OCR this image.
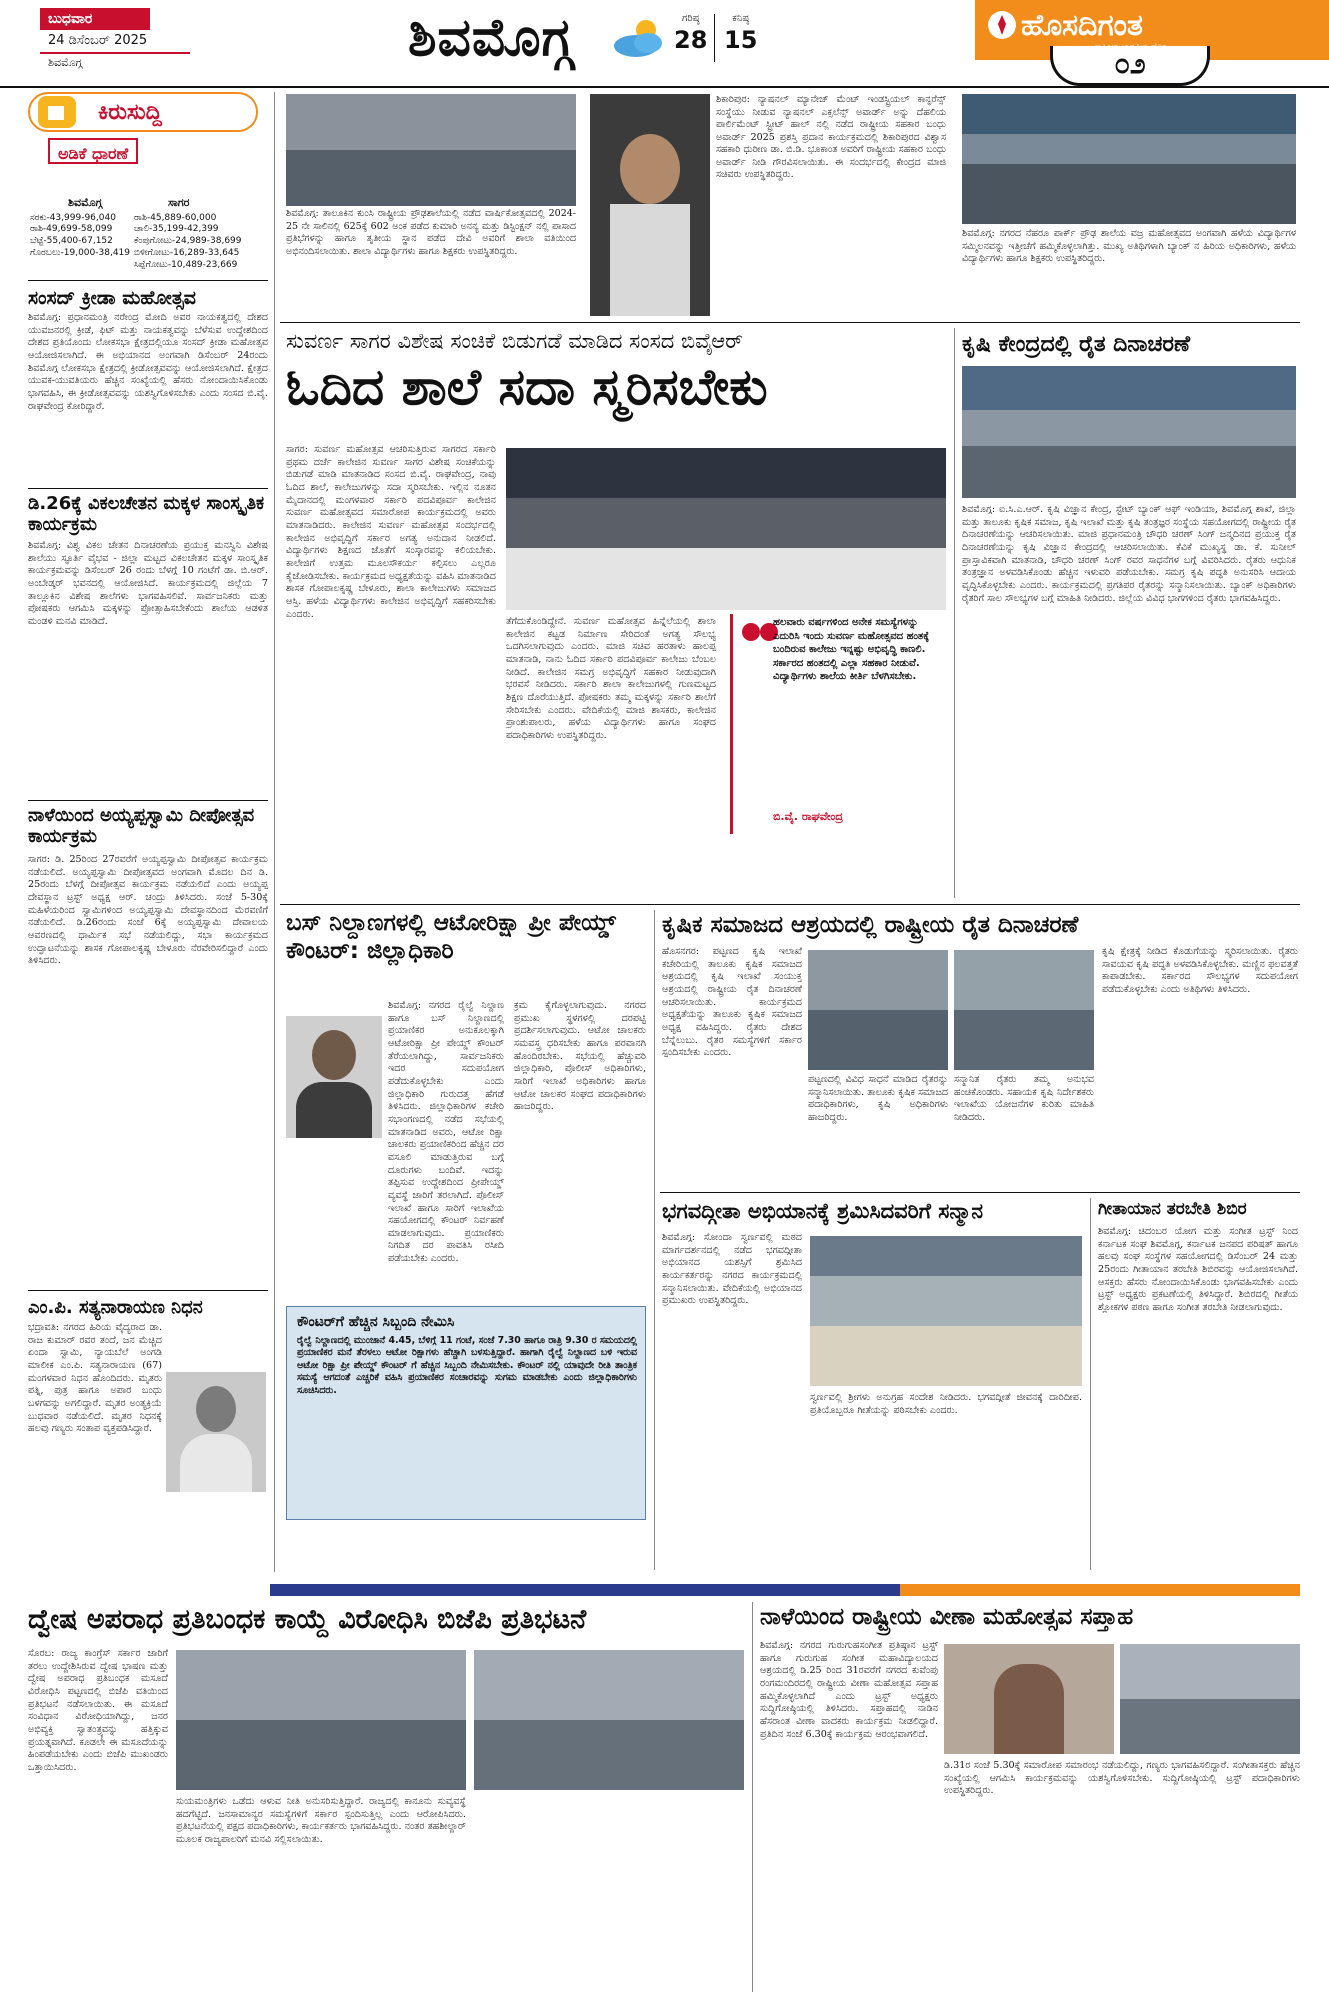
ಬುಧವಾರ
24 ಡಿಸೆಂಬರ್ 2025
ಶಿವಮೊಗ್ಗ	ಶಿವಮೊಗ್ಗ	ಗರಿಷ್ಠ
28
ಕನಿಷ್ಠ
15	ಹೊಸದಿಗಂತ
೦೨
ಕಿರುಸುದ್ದಿ
ಅಡಿಕೆ ಧಾರಣೆ
ಶಿವಮೊಗ್ಗ	ಸಾಗರ
ಸರಕು-43,999-96,040	ರಾಶಿ-45,889-60,000
ರಾಶಿ-49,699-58,099	ಚಾಲಿ-35,199-42,399
ಬೆಟ್ಟೆ-55,400-67,152	ಕೆಂಪುಗೋಟು-24,989-38,699
ಗೊರಬಲು-19,000-38,419	ಬಿಳೀಗೋಟು-16,289-33,645
	ಸಿಪ್ಪೆಗೋಟು-10,489-23,669
ಸಂಸದ್ ಕ್ರೀಡಾ ಮಹೋತ್ಸವ
ಶಿವಮೊಗ್ಗ: ಪ್ರಧಾನಮಂತ್ರಿ ನರೇಂದ್ರ ಮೋದಿ ಅವರ ನಾಯಕತ್ವದಲ್ಲಿ ದೇಶದ ಯುವಜನರಲ್ಲಿ ಕ್ರೀಡೆ, ಫಿಟ್ ಮತ್ತು ನಾಯಕತ್ವವನ್ನು ಬೆಳೆಸುವ ಉದ್ದೇಶದಿಂದ ದೇಶದ ಪ್ರತಿಯೊಂದು ಲೋಕಸಭಾ ಕ್ಷೇತ್ರದಲ್ಲಿಯೂ ಸಂಸದ್ ಕ್ರೀಡಾ ಮಹೋತ್ಸವ ಆಯೋಜಿಸಲಾಗಿದೆ. ಈ ಅಭಿಯಾನದ ಅಂಗವಾಗಿ ಡಿಸೆಂಬರ್ 24ರಂದು ಶಿವಮೊಗ್ಗ ಲೋಕಸಭಾ ಕ್ಷೇತ್ರದಲ್ಲಿ ಕ್ರೀಡೋತ್ಸವವನ್ನು ಆಯೋಜಿಸಲಾಗಿದೆ. ಕ್ಷೇತ್ರದ ಯುವಕ-ಯುವತಿಯರು ಹೆಚ್ಚಿನ ಸಂಖ್ಯೆಯಲ್ಲಿ ಹೆಸರು ನೋಂದಾಯಿಸಿಕೊಂಡು ಭಾಗವಹಿಸಿ, ಈ ಕ್ರೀಡೋತ್ಸವವನ್ನು ಯಶಸ್ವಿಗೊಳಿಸಬೇಕು ಎಂದು ಸಂಸದ ಬಿ.ವೈ. ರಾಘವೇಂದ್ರ ಕೋರಿದ್ದಾರೆ.
ಡಿ.26ಕ್ಕೆ ವಿಕಲಚೇತನ ಮಕ್ಕಳ ಸಾಂಸ್ಕೃತಿಕ ಕಾರ್ಯಕ್ರಮ
ಶಿವಮೊಗ್ಗ: ವಿಶ್ವ ವಿಕಲ ಚೇತನ ದಿನಾಚರಣೆಯ ಪ್ರಯುಕ್ತ ಮನಸ್ವಿನಿ ವಿಶೇಷ ಶಾಲೆಯು ಸ್ಫೂರ್ತಿ ವೈಭವ - ಜಿಲ್ಲಾ ಮಟ್ಟದ ವಿಕಲಚೇತನ ಮಕ್ಕಳ ಸಾಂಸ್ಕೃತಿಕ ಕಾರ್ಯಕ್ರಮವನ್ನು ಡಿಸೆಂಬರ್ 26 ರಂದು ಬೆಳಗ್ಗೆ 10 ಗಂಟೆಗೆ ಡಾ. ಬಿ.ಆರ್. ಅಂಬೇಡ್ಕರ್ ಭವನದಲ್ಲಿ ಆಯೋಜಿಸಿದೆ. ಕಾರ್ಯಕ್ರಮದಲ್ಲಿ ಜಿಲ್ಲೆಯ 7 ತಾಲ್ಲೂಕಿನ ವಿಶೇಷ ಶಾಲೆಗಳು ಭಾಗವಹಿಸಲಿವೆ. ಸಾರ್ವಜನಿಕರು ಮತ್ತು ಪೋಷಕರು ಆಗಮಿಸಿ ಮಕ್ಕಳನ್ನು ಪ್ರೋತ್ಸಾಹಿಸಬೇಕೆಂದು ಶಾಲೆಯ ಆಡಳಿತ ಮಂಡಳಿ ಮನವಿ ಮಾಡಿದೆ.
ನಾಳೆಯಿಂದ ಅಯ್ಯಪ್ಪಸ್ವಾಮಿ ದೀಪೋತ್ಸವ ಕಾರ್ಯಕ್ರಮ
ಸಾಗರ: ಡಿ. 25ರಿಂದ 27ರವರೆಗೆ ಅಯ್ಯಪ್ಪಸ್ವಾಮಿ ದೀಪೋತ್ಸವ ಕಾರ್ಯಕ್ರಮ ನಡೆಯಲಿದೆ. ಅಯ್ಯಪ್ಪಸ್ವಾಮಿ ದೀಪೋತ್ಸವದ ಅಂಗವಾಗಿ ಮೊದಲ ದಿನ ಡಿ. 25ರಂದು ಬೆಳಗ್ಗೆ ದೀಪೋತ್ಸವ ಕಾರ್ಯಕ್ರಮ ನಡೆಯಲಿದೆ ಎಂದು ಅಯ್ಯಪ್ಪ ದೇವಸ್ಥಾನ ಟ್ರಸ್ಟ್ ಅಧ್ಯಕ್ಷ ಆರ್. ಚಂದ್ರು ತಿಳಿಸಿದರು. ಸಂಜೆ 5-30ಕ್ಕೆ ಮಹಿಳೆಯರಿಂದ ಸ್ವಾಮಿಗಳಿಂದ ಅಯ್ಯಪ್ಪಸ್ವಾಮಿ ದೇವಸ್ಥಾನದಿಂದ ಮೆರವಣಿಗೆ ನಡೆಯಲಿದೆ. ಡಿ.26ರಂದು ಸಂಜೆ 6ಕ್ಕೆ ಅಯ್ಯಪ್ಪಸ್ವಾಮಿ ದೇವಾಲಯ ಆವರಣದಲ್ಲಿ ಧಾರ್ಮಿಕ ಸಭೆ ನಡೆಯಲಿದ್ದು, ಸಭಾ ಕಾರ್ಯಕ್ರಮದ ಉದ್ಘಾಟನೆಯನ್ನು ಶಾಸಕ ಗೋಪಾಲಕೃಷ್ಣ ಬೇಳೂರು ನೆರವೇರಿಸಲಿದ್ದಾರೆ ಎಂದು ತಿಳಿಸಿದರು.
ಎಂ.ಪಿ. ಸತ್ಯನಾರಾಯಣ ನಿಧನ
ಭದ್ರಾವತಿ: ನಗರದ ಹಿರಿಯ ವೈದ್ಯರಾದ ಡಾ. ರಾಜ ಕುಮಾರ್ ರವರ ತಂದೆ, ಜನ ಮೆಚ್ಚಿದ ಏಂದಾ ಸ್ವಾಮಿ, ನ್ಯಾಯಬೆಲೆ ಅಂಗಡಿ ಮಾಲೀಕ ಎಂ.ಪಿ. ಸತ್ಯನಾರಾಯಣ (67) ಮಂಗಳವಾರ ನಿಧನ ಹೊಂದಿದರು. ಮೃತರು ಪತ್ನಿ, ಪುತ್ರ ಹಾಗೂ ಅಪಾರ ಬಂಧು ಬಳಗವನ್ನು ಅಗಲಿದ್ದಾರೆ. ಮೃತರ ಅಂತ್ಯಕ್ರಿಯೆ ಬುಧವಾರ ನಡೆಯಲಿದೆ. ಮೃತರ ನಿಧನಕ್ಕೆ ಹಲವು ಗಣ್ಯರು ಸಂತಾಪ ವ್ಯಕ್ತಪಡಿಸಿದ್ದಾರೆ.
ಶಿವಮೊಗ್ಗ: ತಾಲೂಕಿನ ಕುಂಸಿ ರಾಷ್ಟ್ರೀಯ ಪ್ರೌಢಶಾಲೆಯಲ್ಲಿ ನಡೆದ ವಾರ್ಷಿಕೋತ್ಸವದಲ್ಲಿ 2024-25 ನೇ ಸಾಲಿನಲ್ಲಿ 625ಕ್ಕೆ 602 ಅಂಕ ಪಡೆದ ಕುಮಾರಿ ಅನನ್ಯ ಮತ್ತು ಡಿಸ್ಟಿಂಕ್ಷನ್ ನಲ್ಲಿ ಪಾಸಾದ ಪ್ರತಿಭೆಗಳನ್ನು ಹಾಗೂ ತೃತೀಯ ಸ್ಥಾನ ಪಡೆದ ದೇವಿ ಅವರಿಗೆ ಶಾಲಾ ವತಿಯಿಂದ ಅಭಿನಂದಿಸಲಾಯಿತು. ಶಾಲಾ ವಿದ್ಯಾರ್ಥಿಗಳು ಹಾಗೂ ಶಿಕ್ಷಕರು ಉಪಸ್ಥಿತರಿದ್ದರು.
ಶಿಕಾರಿಪುರ: ನ್ಯಾಷನಲ್ ಮ್ಯಾನೇಜ್ ಮೆಂಟ್ ಇಂಡಸ್ಟ್ರಿಯಲ್ ಕಾನ್ಫರೆನ್ಸ್ ಸಂಸ್ಥೆಯು ನೀಡುವ ನ್ಯಾಷನಲ್ ಎಕ್ಸಲೆನ್ಸ್ ಅವಾರ್ಡ್ ಅನ್ನು ದೆಹಲಿಯ ಪಾರ್ಲಿಮೆಂಟ್ ಸ್ಟ್ರೀಟ್ ಹಾಲ್ ನಲ್ಲಿ ನಡೆದ ರಾಷ್ಟ್ರೀಯ ಸಹಕಾರ ಬಂಧು ಅವಾರ್ಡ್ 2025 ಪ್ರಶಸ್ತಿ ಪ್ರದಾನ ಕಾರ್ಯಕ್ರಮದಲ್ಲಿ ಶಿಕಾರಿಪುರದ ವಿಶ್ವಾಸ ಸಹಕಾರಿ ಧುರೀಣ ಡಾ. ಬಿ.ಡಿ. ಭೂಕಾಂತ ಅವರಿಗೆ ರಾಷ್ಟ್ರೀಯ ಸಹಕಾರ ಬಂಧು ಅವಾರ್ಡ್ ನೀಡಿ ಗೌರವಿಸಲಾಯಿತು. ಈ ಸಂದರ್ಭದಲ್ಲಿ ಕೇಂದ್ರದ ಮಾಜಿ ಸಚಿವರು ಉಪಸ್ಥಿತರಿದ್ದರು.
ಶಿವಮೊಗ್ಗ: ನಗರದ ನೆಹರೂ ಪಾರ್ಕ್ ಪ್ರೌಢ ಶಾಲೆಯ ವಜ್ರ ಮಹೋತ್ಸವದ ಅಂಗವಾಗಿ ಹಳೆಯ ವಿದ್ಯಾರ್ಥಿಗಳ ಸಮ್ಮಿಲನವನ್ನು ಇತ್ತೀಚೆಗೆ ಹಮ್ಮಿಕೊಳ್ಳಲಾಗಿತ್ತು. ಮುಖ್ಯ ಅತಿಥಿಗಳಾಗಿ ಬ್ಯಾಂಕ್ ನ ಹಿರಿಯ ಅಧಿಕಾರಿಗಳು, ಹಳೆಯ ವಿದ್ಯಾರ್ಥಿಗಳು ಹಾಗೂ ಶಿಕ್ಷಕರು ಉಪಸ್ಥಿತರಿದ್ದರು.
ಸುವರ್ಣ ಸಾಗರ ವಿಶೇಷ ಸಂಚಿಕೆ ಬಿಡುಗಡೆ ಮಾಡಿದ ಸಂಸದ ಬಿವೈಆರ್
ಓದಿದ ಶಾಲೆ ಸದಾ ಸ್ಮರಿಸಬೇಕು
ಸಾಗರ: ಸುವರ್ಣ ಮಹೋತ್ಸವ ಆಚರಿಸುತ್ತಿರುವ ಸಾಗರದ ಸರ್ಕಾರಿ ಪ್ರಥಮ ದರ್ಜೆ ಕಾಲೇಜಿನ ಸುವರ್ಣ ಸಾಗರ ವಿಶೇಷ ಸಂಚಿಕೆಯನ್ನು ಬಿಡುಗಡೆ ಮಾಡಿ ಮಾತನಾಡಿದ ಸಂಸದ ಬಿ.ವೈ. ರಾಘವೇಂದ್ರ, ನಾವು ಓದಿದ ಶಾಲೆ, ಕಾಲೇಜುಗಳನ್ನು ಸದಾ ಸ್ಮರಿಸಬೇಕು. ಇಲ್ಲಿನ ನೂತನ ಮೈದಾನದಲ್ಲಿ ಮಂಗಳವಾರ ಸರ್ಕಾರಿ ಪದವಿಪೂರ್ವ ಕಾಲೇಜಿನ ಸುವರ್ಣ ಮಹೋತ್ಸವದ ಸಮಾರೋಪ ಕಾರ್ಯಕ್ರಮದಲ್ಲಿ ಅವರು ಮಾತನಾಡಿದರು. ಕಾಲೇಜಿನ ಸುವರ್ಣ ಮಹೋತ್ಸವ ಸಂದರ್ಭದಲ್ಲಿ ಕಾಲೇಜಿನ ಅಭಿವೃದ್ಧಿಗೆ ಸರ್ಕಾರ ಅಗತ್ಯ ಅನುದಾನ ನೀಡಲಿದೆ. ವಿದ್ಯಾರ್ಥಿಗಳು ಶಿಕ್ಷಣದ ಜೊತೆಗೆ ಸಂಸ್ಕಾರವನ್ನು ಕಲಿಯಬೇಕು. ಕಾಲೇಜಿಗೆ ಉತ್ತಮ ಮೂಲಸೌಕರ್ಯ ಕಲ್ಪಿಸಲು ಎಲ್ಲರೂ ಕೈಜೋಡಿಸಬೇಕು. ಕಾರ್ಯಕ್ರಮದ ಅಧ್ಯಕ್ಷತೆಯನ್ನು ವಹಿಸಿ ಮಾತನಾಡಿದ ಶಾಸಕ ಗೋಪಾಲಕೃಷ್ಣ ಬೇಳೂರು, ಶಾಲಾ ಕಾಲೇಜುಗಳು ಸಮಾಜದ ಆಸ್ತಿ. ಹಳೆಯ ವಿದ್ಯಾರ್ಥಿಗಳು ಕಾಲೇಜಿನ ಅಭಿವೃದ್ಧಿಗೆ ಸಹಕರಿಸಬೇಕು ಎಂದರು.
ತೆಗೆದುಕೊಂಡಿದ್ದೇನೆ. ಸುವರ್ಣ ಮಹೋತ್ಸವ ಹಿನ್ನೆಲೆಯಲ್ಲಿ ಶಾಲಾ ಕಾಲೇಜಿನ ಕಟ್ಟಡ ನಿರ್ಮಾಣ ಸೇರಿದಂತೆ ಅಗತ್ಯ ಸೌಲಭ್ಯ ಒದಗಿಸಲಾಗುವುದು ಎಂದರು. ಮಾಜಿ ಸಚಿವ ಹರತಾಳು ಹಾಲಪ್ಪ ಮಾತನಾಡಿ, ನಾನು ಓದಿದ ಸರ್ಕಾರಿ ಪದವಿಪೂರ್ವ ಕಾಲೇಜು ಬೆಂಬಲ ನೀಡಿದೆ. ಕಾಲೇಜಿನ ಸಮಗ್ರ ಅಭಿವೃದ್ಧಿಗೆ ಸಹಕಾರ ನೀಡುವುದಾಗಿ ಭರವಸೆ ನೀಡಿದರು. ಸರ್ಕಾರಿ ಶಾಲಾ ಕಾಲೇಜುಗಳಲ್ಲಿ ಗುಣಮಟ್ಟದ ಶಿಕ್ಷಣ ದೊರೆಯುತ್ತಿದೆ. ಪೋಷಕರು ತಮ್ಮ ಮಕ್ಕಳನ್ನು ಸರ್ಕಾರಿ ಶಾಲೆಗೆ ಸೇರಿಸಬೇಕು ಎಂದರು. ವೇದಿಕೆಯಲ್ಲಿ ಮಾಜಿ ಶಾಸಕರು, ಕಾಲೇಜಿನ ಪ್ರಾಂಶುಪಾಲರು, ಹಳೆಯ ವಿದ್ಯಾರ್ಥಿಗಳು ಹಾಗೂ ಸಂಘದ ಪದಾಧಿಕಾರಿಗಳು ಉಪಸ್ಥಿತರಿದ್ದರು.
ಹಲವಾರು ವರ್ಷಗಳಿಂದ ಅನೇಕ ಸಮಸ್ಯೆಗಳನ್ನು ಎದುರಿಸಿ ಇಂದು ಸುವರ್ಣ ಮಹೋತ್ಸವದ ಹಂತಕ್ಕೆ ಬಂದಿರುವ ಕಾಲೇಜು ಇನ್ನಷ್ಟು ಅಭಿವೃದ್ಧಿ ಕಾಣಲಿ. ಸರ್ಕಾರದ ಹಂತದಲ್ಲಿ ಎಲ್ಲಾ ಸಹಕಾರ ನೀಡುವೆ. ವಿದ್ಯಾರ್ಥಿಗಳು ಶಾಲೆಯ ಕೀರ್ತಿ ಬೆಳಗಿಸಬೇಕು.
ಬಿ.ವೈ. ರಾಘವೇಂದ್ರ
ಕೃಷಿ ಕೇಂದ್ರದಲ್ಲಿ ರೈತ ದಿನಾಚರಣೆ
ಶಿವಮೊಗ್ಗ: ಐ.ಸಿ.ಎ.ಆರ್. ಕೃಷಿ ವಿಜ್ಞಾನ ಕೇಂದ್ರ, ಸ್ಟೇಟ್ ಬ್ಯಾಂಕ್ ಆಫ್ ಇಂಡಿಯಾ, ಶಿವಮೊಗ್ಗ ಶಾಖೆ, ಜಿಲ್ಲಾ ಮತ್ತು ತಾಲೂಕು ಕೃಷಿಕ ಸಮಾಜ, ಕೃಷಿ ಇಲಾಖೆ ಮತ್ತು ಕೃಷಿ ತಂತ್ರಜ್ಞರ ಸಂಸ್ಥೆಯ ಸಹಯೋಗದಲ್ಲಿ ರಾಷ್ಟ್ರೀಯ ರೈತ ದಿನಾಚರಣೆಯನ್ನು ಆಚರಿಸಲಾಯಿತು. ಮಾಜಿ ಪ್ರಧಾನಮಂತ್ರಿ ಚೌಧರಿ ಚರಣ್ ಸಿಂಗ್ ಜನ್ಮದಿನದ ಪ್ರಯುಕ್ತ ರೈತ ದಿನಾಚರಣೆಯನ್ನು ಕೃಷಿ ವಿಜ್ಞಾನ ಕೇಂದ್ರದಲ್ಲಿ ಆಚರಿಸಲಾಯಿತು. ಕೆವಿಕೆ ಮುಖ್ಯಸ್ಥ ಡಾ. ಕೆ. ಸುನೀಲ್ ಪ್ರಾಸ್ತಾವಿಕವಾಗಿ ಮಾತನಾಡಿ, ಚೌಧರಿ ಚರಣ್ ಸಿಂಗ್ ರವರ ಸಾಧನೆಗಳ ಬಗ್ಗೆ ವಿವರಿಸಿದರು. ರೈತರು ಆಧುನಿಕ ತಂತ್ರಜ್ಞಾನ ಅಳವಡಿಸಿಕೊಂಡು ಹೆಚ್ಚಿನ ಇಳುವರಿ ಪಡೆಯಬೇಕು. ಸಮಗ್ರ ಕೃಷಿ ಪದ್ಧತಿ ಅನುಸರಿಸಿ ಆದಾಯ ವೃದ್ಧಿಸಿಕೊಳ್ಳಬೇಕು ಎಂದರು. ಕಾರ್ಯಕ್ರಮದಲ್ಲಿ ಪ್ರಗತಿಪರ ರೈತರನ್ನು ಸನ್ಮಾನಿಸಲಾಯಿತು. ಬ್ಯಾಂಕ್ ಅಧಿಕಾರಿಗಳು ರೈತರಿಗೆ ಸಾಲ ಸೌಲಭ್ಯಗಳ ಬಗ್ಗೆ ಮಾಹಿತಿ ನೀಡಿದರು. ಜಿಲ್ಲೆಯ ವಿವಿಧ ಭಾಗಗಳಿಂದ ರೈತರು ಭಾಗವಹಿಸಿದ್ದರು.
ಬಸ್ ನಿಲ್ದಾಣಗಳಲ್ಲಿ ಆಟೋರಿಕ್ಷಾ ಪ್ರೀ ಪೇಯ್ಡ್ ಕೌಂಟರ್: ಜಿಲ್ಲಾಧಿಕಾರಿ
ಶಿವಮೊಗ್ಗ: ನಗರದ ರೈಲ್ವೆ ನಿಲ್ದಾಣ ಹಾಗೂ ಬಸ್ ನಿಲ್ದಾಣದಲ್ಲಿ ಪ್ರಯಾಣಿಕರ ಅನುಕೂಲಕ್ಕಾಗಿ ಆಟೋರಿಕ್ಷಾ ಪ್ರೀ ಪೇಯ್ಡ್ ಕೌಂಟರ್ ತೆರೆಯಲಾಗಿದ್ದು, ಸಾರ್ವಜನಿಕರು ಇದರ ಸದುಪಯೋಗ ಪಡೆದುಕೊಳ್ಳಬೇಕು ಎಂದು ಜಿಲ್ಲಾಧಿಕಾರಿ ಗುರುದತ್ತ ಹೆಗಡೆ ತಿಳಿಸಿದರು. ಜಿಲ್ಲಾಧಿಕಾರಿಗಳ ಕಚೇರಿ ಸಭಾಂಗಣದಲ್ಲಿ ನಡೆದ ಸಭೆಯಲ್ಲಿ ಮಾತನಾಡಿದ ಅವರು, ಆಟೋ ರಿಕ್ಷಾ ಚಾಲಕರು ಪ್ರಯಾಣಿಕರಿಂದ ಹೆಚ್ಚಿನ ದರ ವಸೂಲಿ ಮಾಡುತ್ತಿರುವ ಬಗ್ಗೆ ದೂರುಗಳು ಬಂದಿವೆ. ಇದನ್ನು ತಪ್ಪಿಸುವ ಉದ್ದೇಶದಿಂದ ಪ್ರೀಪೇಯ್ಡ್ ವ್ಯವಸ್ಥೆ ಜಾರಿಗೆ ತರಲಾಗಿದೆ. ಪೊಲೀಸ್ ಇಲಾಖೆ ಹಾಗೂ ಸಾರಿಗೆ ಇಲಾಖೆಯ ಸಹಯೋಗದಲ್ಲಿ ಕೌಂಟರ್ ನಿರ್ವಹಣೆ ಮಾಡಲಾಗುವುದು. ಪ್ರಯಾಣಿಕರು ನಿಗದಿತ ದರ ಪಾವತಿಸಿ ರಸೀದಿ ಪಡೆಯಬೇಕು ಎಂದರು.
ಕ್ರಮ ಕೈಗೊಳ್ಳಲಾಗುವುದು. ನಗರದ ಪ್ರಮುಖ ಸ್ಥಳಗಳಲ್ಲಿ ದರಪಟ್ಟಿ ಪ್ರದರ್ಶಿಸಲಾಗುವುದು. ಆಟೋ ಚಾಲಕರು ಸಮವಸ್ತ್ರ ಧರಿಸಬೇಕು ಹಾಗೂ ಪರವಾನಗಿ ಹೊಂದಿರಬೇಕು. ಸಭೆಯಲ್ಲಿ ಹೆಚ್ಚುವರಿ ಜಿಲ್ಲಾಧಿಕಾರಿ, ಪೊಲೀಸ್ ಅಧಿಕಾರಿಗಳು, ಸಾರಿಗೆ ಇಲಾಖೆ ಅಧಿಕಾರಿಗಳು ಹಾಗೂ ಆಟೋ ಚಾಲಕರ ಸಂಘದ ಪದಾಧಿಕಾರಿಗಳು ಹಾಜರಿದ್ದರು.
ಕೌಂಟರ್‌ಗೆ ಹೆಚ್ಚಿನ ಸಿಬ್ಬಂದಿ ನೇಮಿಸಿ
ರೈಲ್ವೆ ನಿಲ್ದಾಣದಲ್ಲಿ ಮುಂಜಾನೆ 4.45, ಬೆಳಿಗ್ಗೆ 11 ಗಂಟೆ, ಸಂಜೆ 7.30 ಹಾಗೂ ರಾತ್ರಿ 9.30 ರ ಸಮಯದಲ್ಲಿ ಪ್ರಯಾಣಿಕರ ಮನೆ ತೆರಳಲು ಆಟೋ ರಿಕ್ಷಾಗಳು ಹೆಚ್ಚಾಗಿ ಬಳಸುತ್ತಿದ್ದಾರೆ. ಹಾಗಾಗಿ ರೈಲ್ವೆ ನಿಲ್ದಾಣದ ಬಳಿ ಇರುವ ಆಟೋ ರಿಕ್ಷಾ ಪ್ರೀ ಪೇಯ್ಡ್ ಕೌಂಟರ್ ಗೆ ಹೆಚ್ಚಿನ ಸಿಬ್ಬಂದಿ ನೇಮಿಸಬೇಕು. ಕೌಂಟರ್ ನಲ್ಲಿ ಯಾವುದೇ ರೀತಿ ತಾಂತ್ರಿಕ ಸಮಸ್ಯೆ ಆಗದಂತೆ ಎಚ್ಚರಿಕೆ ವಹಿಸಿ ಪ್ರಯಾಣಿಕರ ಸಂಚಾರವನ್ನು ಸುಗಮ ಮಾಡಬೇಕು ಎಂದು ಜಿಲ್ಲಾಧಿಕಾರಿಗಳು ಸೂಚಿಸಿದರು.
ಕೃಷಿಕ ಸಮಾಜದ ಆಶ್ರಯದಲ್ಲಿ ರಾಷ್ಟ್ರೀಯ ರೈತ ದಿನಾಚರಣೆ
ಹೊಸನಗರ: ಪಟ್ಟಣದ ಕೃಷಿ ಇಲಾಖೆ ಕಚೇರಿಯಲ್ಲಿ ತಾಲೂಕು ಕೃಷಿಕ ಸಮಾಜದ ಆಶ್ರಯದಲ್ಲಿ ಕೃಷಿ ಇಲಾಖೆ ಸಂಯುಕ್ತ ಆಶ್ರಯದಲ್ಲಿ ರಾಷ್ಟ್ರೀಯ ರೈತ ದಿನಾಚರಣೆ ಆಚರಿಸಲಾಯಿತು. ಕಾರ್ಯಕ್ರಮದ ಅಧ್ಯಕ್ಷತೆಯನ್ನು ತಾಲೂಕು ಕೃಷಿಕ ಸಮಾಜದ ಅಧ್ಯಕ್ಷ ವಹಿಸಿದ್ದರು. ರೈತರು ದೇಶದ ಬೆನ್ನೆಲುಬು. ರೈತರ ಸಮಸ್ಯೆಗಳಿಗೆ ಸರ್ಕಾರ ಸ್ಪಂದಿಸಬೇಕು ಎಂದರು.
ಪಟ್ಟಣದಲ್ಲಿ ವಿವಿಧ ಸಾಧನೆ ಮಾಡಿದ ರೈತರನ್ನು ಸನ್ಮಾನಿಸಲಾಯಿತು. ತಾಲೂಕು ಕೃಷಿಕ ಸಮಾಜದ ಪದಾಧಿಕಾರಿಗಳು, ಕೃಷಿ ಅಧಿಕಾರಿಗಳು ಹಾಜರಿದ್ದರು.
ಸನ್ಮಾನಿತ ರೈತರು ತಮ್ಮ ಅನುಭವ ಹಂಚಿಕೊಂಡರು. ಸಹಾಯಕ ಕೃಷಿ ನಿರ್ದೇಶಕರು ಇಲಾಖೆಯ ಯೋಜನೆಗಳ ಕುರಿತು ಮಾಹಿತಿ ನೀಡಿದರು.
ಕೃಷಿ ಕ್ಷೇತ್ರಕ್ಕೆ ನೀಡಿದ ಕೊಡುಗೆಯನ್ನು ಸ್ಮರಿಸಲಾಯಿತು. ರೈತರು ಸಾವಯವ ಕೃಷಿ ಪದ್ಧತಿ ಅಳವಡಿಸಿಕೊಳ್ಳಬೇಕು. ಮಣ್ಣಿನ ಫಲವತ್ತತೆ ಕಾಪಾಡಬೇಕು. ಸರ್ಕಾರದ ಸೌಲಭ್ಯಗಳ ಸದುಪಯೋಗ ಪಡೆದುಕೊಳ್ಳಬೇಕು ಎಂದು ಅತಿಥಿಗಳು ತಿಳಿಸಿದರು.
ಭಗವದ್ಗೀತಾ ಅಭಿಯಾನಕ್ಕೆ ಶ್ರಮಿಸಿದವರಿಗೆ ಸನ್ಮಾನ
ಶಿವಮೊಗ್ಗ: ಸೋಂದಾ ಸ್ವರ್ಣವಲ್ಲಿ ಮಠದ ಮಾರ್ಗದರ್ಶನದಲ್ಲಿ ನಡೆದ ಭಗವದ್ಗೀತಾ ಅಭಿಯಾನದ ಯಶಸ್ಸಿಗೆ ಶ್ರಮಿಸಿದ ಕಾರ್ಯಕರ್ತರನ್ನು ನಗರದ ಕಾರ್ಯಕ್ರಮದಲ್ಲಿ ಸನ್ಮಾನಿಸಲಾಯಿತು. ವೇದಿಕೆಯಲ್ಲಿ ಅಭಿಯಾನದ ಪ್ರಮುಖರು ಉಪಸ್ಥಿತರಿದ್ದರು.
ಸ್ವರ್ಣವಲ್ಲಿ ಶ್ರೀಗಳು ಅನುಗ್ರಹ ಸಂದೇಶ ನೀಡಿದರು. ಭಗವದ್ಗೀತೆ ಜೀವನಕ್ಕೆ ದಾರಿದೀಪ. ಪ್ರತಿಯೊಬ್ಬರೂ ಗೀತೆಯನ್ನು ಪಠಿಸಬೇಕು ಎಂದರು.
ಗೀತಾಯಾನ ತರಬೇತಿ ಶಿಬಿರ
ಶಿವಮೊಗ್ಗ: ಚಿದಂಬರ ಯೋಗ ಮತ್ತು ಸಂಗೀತ ಟ್ರಸ್ಟ್ ನಿಂದ ಕರ್ನಾಟಕ ಸಂಘ ಶಿವಮೊಗ್ಗ, ಕರ್ನಾಟಕ ಜನಪದ ಪರಿಷತ್ ಹಾಗೂ ಹಲವು ಸಂಘ ಸಂಸ್ಥೆಗಳ ಸಹಯೋಗದಲ್ಲಿ ಡಿಸೆಂಬರ್ 24 ಮತ್ತು 25ರಂದು ಗೀತಾಯಾನ ತರಬೇತಿ ಶಿಬಿರವನ್ನು ಆಯೋಜಿಸಲಾಗಿದೆ. ಆಸಕ್ತರು ಹೆಸರು ನೋಂದಾಯಿಸಿಕೊಂಡು ಭಾಗವಹಿಸಬೇಕು ಎಂದು ಟ್ರಸ್ಟ್ ಅಧ್ಯಕ್ಷರು ಪ್ರಕಟಣೆಯಲ್ಲಿ ತಿಳಿಸಿದ್ದಾರೆ. ಶಿಬಿರದಲ್ಲಿ ಗೀತೆಯ ಶ್ಲೋಕಗಳ ಪಠಣ ಹಾಗೂ ಸಂಗೀತ ತರಬೇತಿ ನೀಡಲಾಗುವುದು.
ದ್ವೇಷ ಅಪರಾಧ ಪ್ರತಿಬಂಧಕ ಕಾಯ್ದೆ ವಿರೋಧಿಸಿ ಬಿಜೆಪಿ ಪ್ರತಿಭಟನೆ
ಸೊರಬ: ರಾಜ್ಯ ಕಾಂಗ್ರೆಸ್ ಸರ್ಕಾರ ಜಾರಿಗೆ ತರಲು ಉದ್ದೇಶಿಸಿರುವ ದ್ವೇಷ ಭಾಷಣ ಮತ್ತು ದ್ವೇಷ ಅಪರಾಧ ಪ್ರತಿಬಂಧಕ ಮಸೂದೆ ವಿರೋಧಿಸಿ ಪಟ್ಟಣದಲ್ಲಿ ಬಿಜೆಪಿ ವತಿಯಿಂದ ಪ್ರತಿಭಟನೆ ನಡೆಸಲಾಯಿತು. ಈ ಮಸೂದೆ ಸಂವಿಧಾನ ವಿರೋಧಿಯಾಗಿದ್ದು, ಜನರ ಅಭಿವ್ಯಕ್ತಿ ಸ್ವಾತಂತ್ರ್ಯವನ್ನು ಹತ್ತಿಕ್ಕುವ ಪ್ರಯತ್ನವಾಗಿದೆ. ಕೂಡಲೇ ಈ ಮಸೂದೆಯನ್ನು ಹಿಂಪಡೆಯಬೇಕು ಎಂದು ಬಿಜೆಪಿ ಮುಖಂಡರು ಒತ್ತಾಯಿಸಿದರು.
ಸುಯಮಂತ್ರಿಗಳು ಒಡೆದು ಆಳುವ ನೀತಿ ಅನುಸರಿಸುತ್ತಿದ್ದಾರೆ. ರಾಜ್ಯದಲ್ಲಿ ಕಾನೂನು ಸುವ್ಯವಸ್ಥೆ ಹದಗೆಟ್ಟಿದೆ. ಜನಸಾಮಾನ್ಯರ ಸಮಸ್ಯೆಗಳಿಗೆ ಸರ್ಕಾರ ಸ್ಪಂದಿಸುತ್ತಿಲ್ಲ ಎಂದು ಆರೋಪಿಸಿದರು. ಪ್ರತಿಭಟನೆಯಲ್ಲಿ ಪಕ್ಷದ ಪದಾಧಿಕಾರಿಗಳು, ಕಾರ್ಯಕರ್ತರು ಭಾಗವಹಿಸಿದ್ದರು. ನಂತರ ತಹಶೀಲ್ದಾರ್ ಮೂಲಕ ರಾಜ್ಯಪಾಲರಿಗೆ ಮನವಿ ಸಲ್ಲಿಸಲಾಯಿತು.
ನಾಳೆಯಿಂದ ರಾಷ್ಟ್ರೀಯ ವೀಣಾ ಮಹೋತ್ಸವ ಸಪ್ತಾಹ
ಶಿವಮೊಗ್ಗ: ನಗರದ ಗುರುಗುಹಸಂಗೀತ ಪ್ರತಿಷ್ಠಾನ ಟ್ರಸ್ಟ್ ಹಾಗೂ ಗುರುಗುಹ ಸಂಗೀತ ಮಹಾವಿದ್ಯಾಲಯದ ಆಶ್ರಯದಲ್ಲಿ ಡಿ.25 ರಿಂದ 31ರವರೆಗೆ ನಗರದ ಕುವೆಂಪು ರಂಗಮಂದಿರದಲ್ಲಿ ರಾಷ್ಟ್ರೀಯ ವೀಣಾ ಮಹೋತ್ಸವ ಸಪ್ತಾಹ ಹಮ್ಮಿಕೊಳ್ಳಲಾಗಿದೆ ಎಂದು ಟ್ರಸ್ಟ್ ಅಧ್ಯಕ್ಷರು ಸುದ್ದಿಗೋಷ್ಠಿಯಲ್ಲಿ ತಿಳಿಸಿದರು. ಸಪ್ತಾಹದಲ್ಲಿ ನಾಡಿನ ಹೆಸರಾಂತ ವೀಣಾ ವಾದಕರು ಕಾರ್ಯಕ್ರಮ ನೀಡಲಿದ್ದಾರೆ. ಪ್ರತಿದಿನ ಸಂಜೆ 6.30ಕ್ಕೆ ಕಾರ್ಯಕ್ರಮ ಆರಂಭವಾಗಲಿದೆ.
ಡಿ.31ರ ಸಂಜೆ 5.30ಕ್ಕೆ ಸಮಾರೋಪ ಸಮಾರಂಭ ನಡೆಯಲಿದ್ದು, ಗಣ್ಯರು ಭಾಗವಹಿಸಲಿದ್ದಾರೆ. ಸಂಗೀತಾಸಕ್ತರು ಹೆಚ್ಚಿನ ಸಂಖ್ಯೆಯಲ್ಲಿ ಆಗಮಿಸಿ ಕಾರ್ಯಕ್ರಮವನ್ನು ಯಶಸ್ವಿಗೊಳಿಸಬೇಕು. ಸುದ್ದಿಗೋಷ್ಠಿಯಲ್ಲಿ ಟ್ರಸ್ಟ್ ಪದಾಧಿಕಾರಿಗಳು ಉಪಸ್ಥಿತರಿದ್ದರು.
